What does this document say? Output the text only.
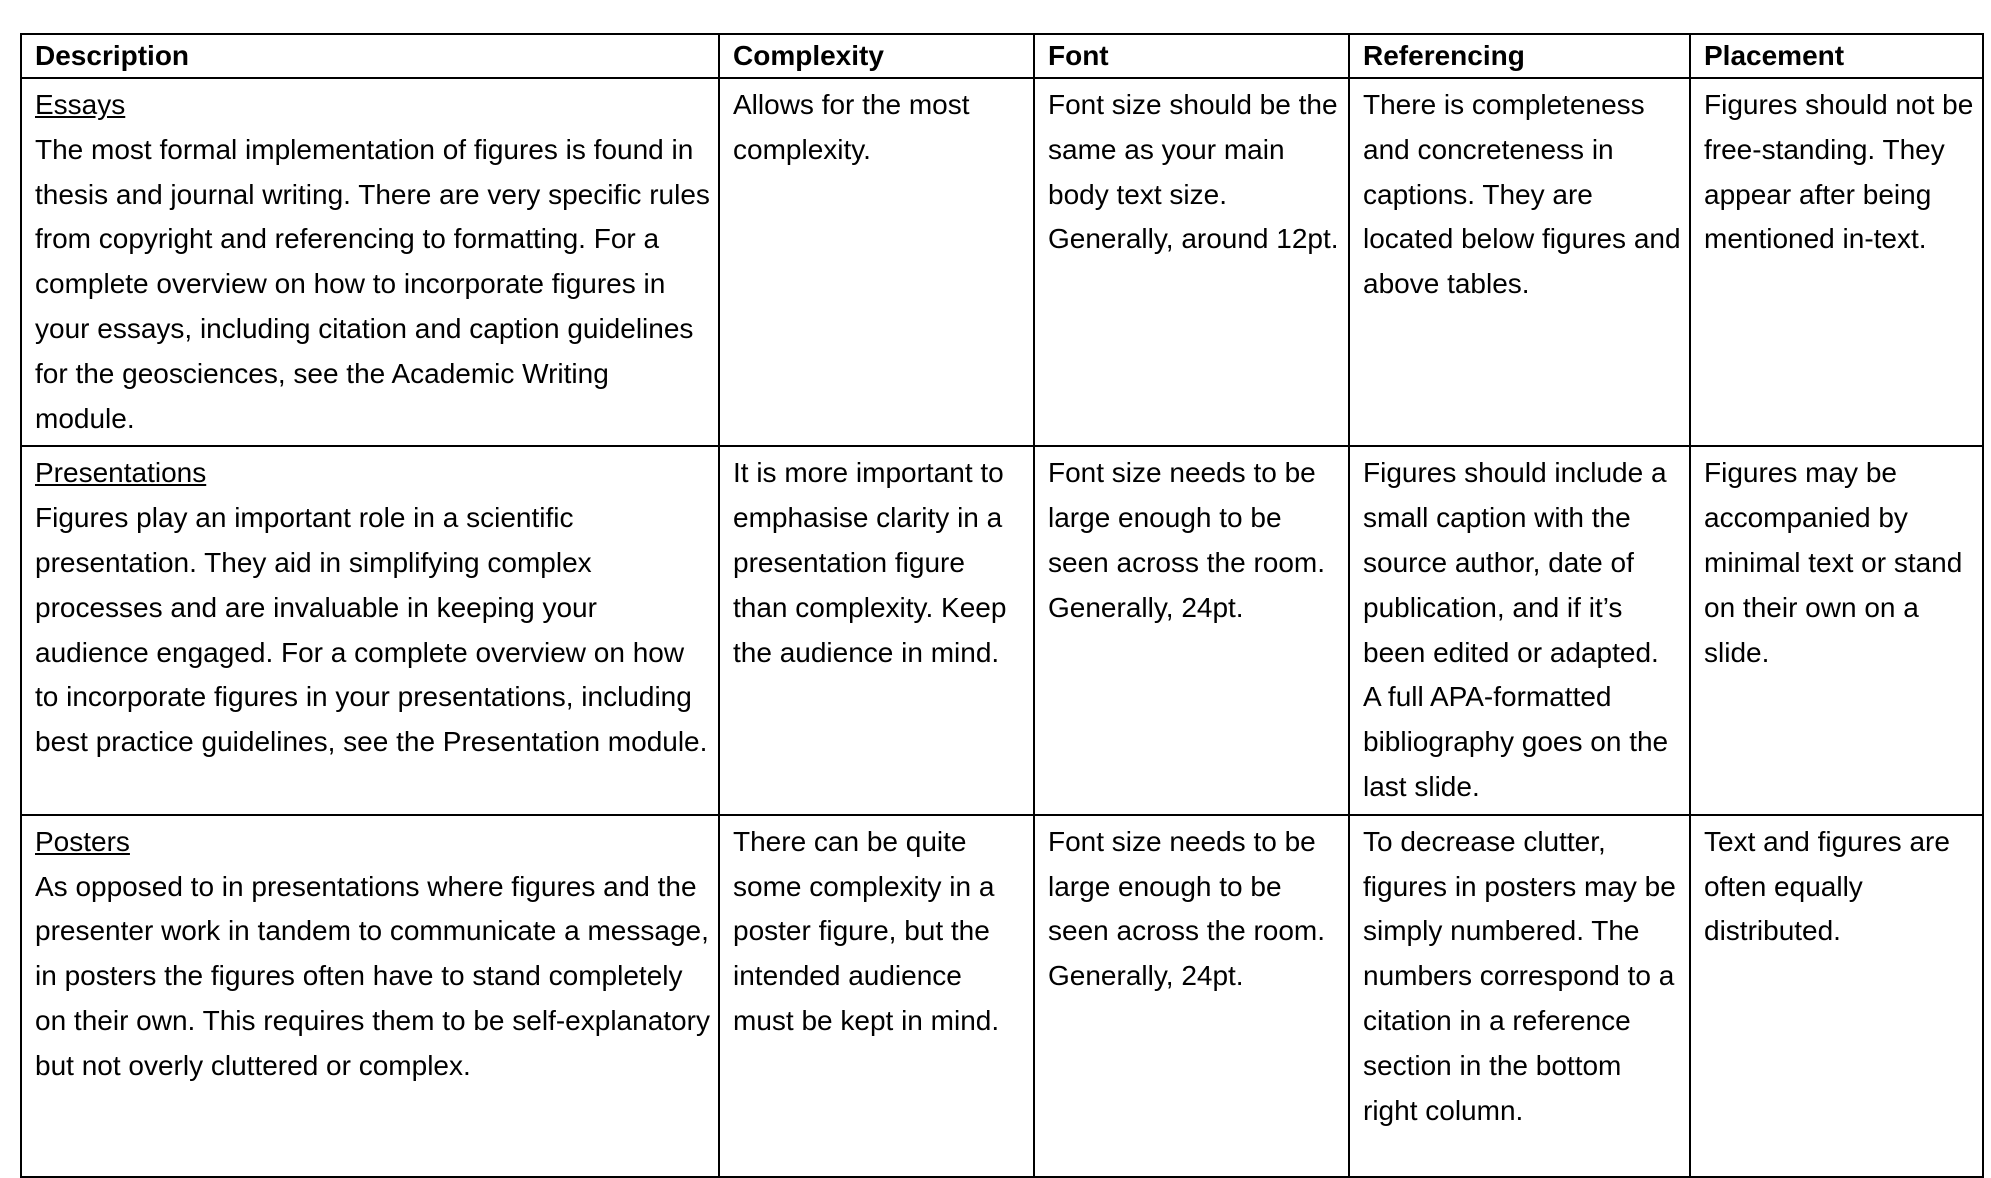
Description	Complexity	Font	Referencing	Placement

Essays
The most formal implementation of figures is found in thesis and journal writing. There are very specific rules from copyright and referencing to formatting. For a complete overview on how to incorporate figures in your essays, including citation and caption guidelines for the geosciences, see the Academic Writing module.	Allows for the most complexity.	Font size should be the same as your main body text size. Generally, around 12pt.	There is completeness and concreteness in captions. They are located below figures and above tables.	Figures should not be free-standing. They appear after being mentioned in-text.

Presentations
Figures play an important role in a scientific presentation. They aid in simplifying complex processes and are invaluable in keeping your audience engaged. For a complete overview on how to incorporate figures in your presentations, including best practice guidelines, see the Presentation module.	It is more important to emphasise clarity in a presentation figure than complexity. Keep the audience in mind.	Font size needs to be large enough to be seen across the room. Generally, 24pt.	Figures should include a small caption with the source author, date of publication, and if it’s been edited or adapted. A full APA-formatted bibliography goes on the last slide.	Figures may be accompanied by minimal text or stand on their own on a slide.

Posters
As opposed to in presentations where figures and the presenter work in tandem to communicate a message, in posters the figures often have to stand completely on their own. This requires them to be self-explanatory but not overly cluttered or complex.	There can be quite some complexity in a poster figure, but the intended audience must be kept in mind.	Font size needs to be large enough to be seen across the room. Generally, 24pt.	To decrease clutter, figures in posters may be simply numbered. The numbers correspond to a citation in a reference section in the bottom right column.	Text and figures are often equally distributed.
